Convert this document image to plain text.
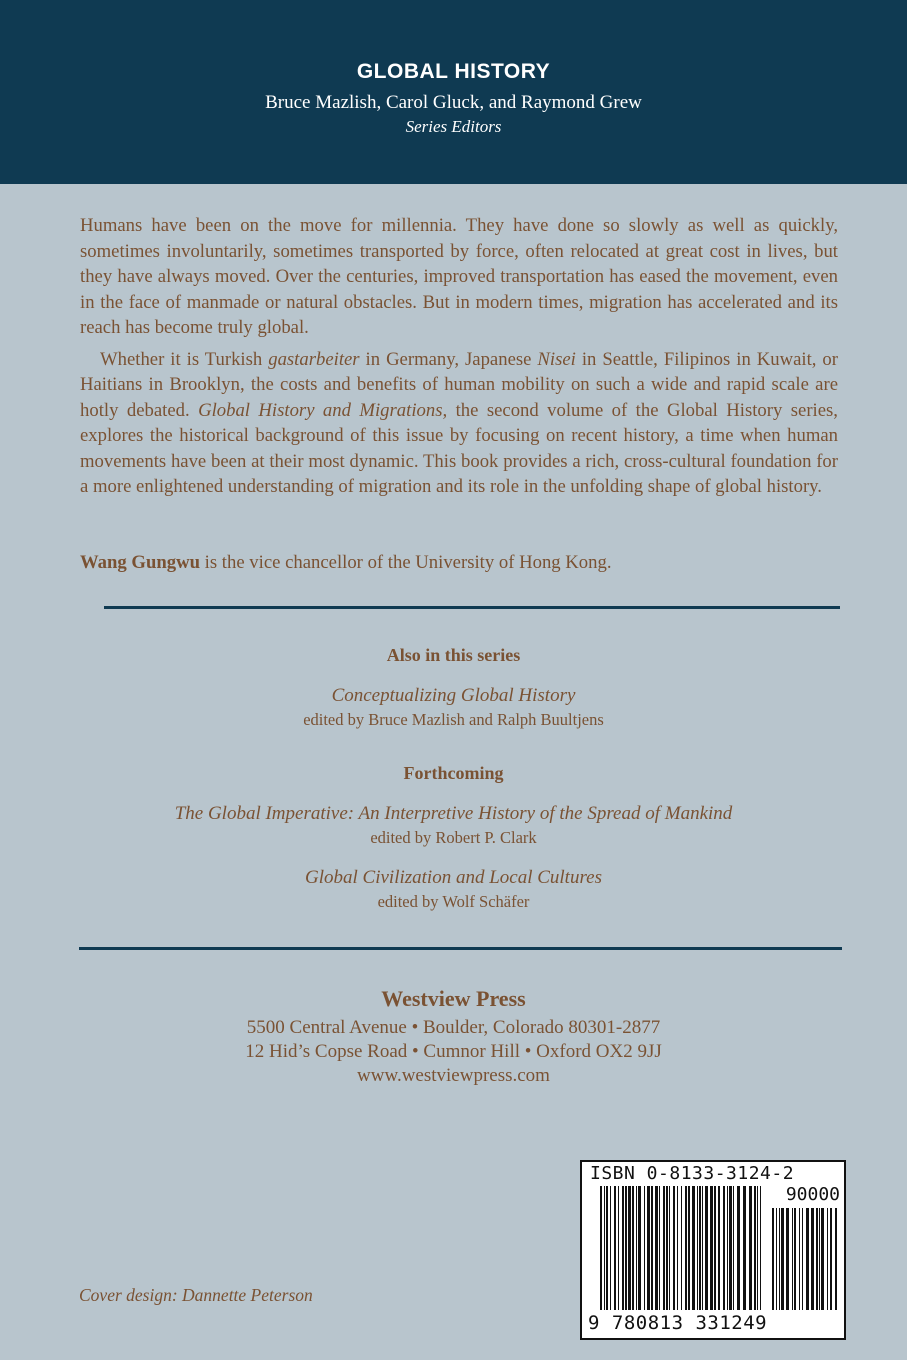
GLOBAL HISTORY
Bruce Mazlish, Carol Gluck, and Raymond Grew
Series Editors

Humans have been on the move for millennia. They have done so slowly as well as quickly, sometimes involuntarily, sometimes transported by force, often relocated at great cost in lives, but they have always moved. Over the centuries, improved transportation has eased the movement, even in the face of manmade or natural obstacles. But in modern times, migration has accelerated and its reach has become truly global.

Whether it is Turkish gastarbeiter in Germany, Japanese Nisei in Seattle, Filipinos in Kuwait, or Haitians in Brooklyn, the costs and benefits of human mobility on such a wide and rapid scale are hotly debated. Global History and Migrations, the second volume of the Global History series, explores the historical background of this issue by focusing on recent history, a time when human movements have been at their most dynamic. This book provides a rich, cross-cultural foundation for a more enlightened understanding of migration and its role in the unfolding shape of global history.

Wang Gungwu is the vice chancellor of the University of Hong Kong.
Also in this series
Conceptualizing Global History
edited by Bruce Mazlish and Ralph Buultjens
Forthcoming
The Global Imperative: An Interpretive History of the Spread of Mankind
edited by Robert P. Clark
Global Civilization and Local Cultures
edited by Wolf Schäfer
Westview Press
5500 Central Avenue • Boulder, Colorado 80301-2877
12 Hid’s Copse Road • Cumnor Hill • Oxford OX2 9JJ
www.westviewpress.com
Cover design: Dannette Peterson
ISBN 0-8133-3124-2
90000
9 780813 331249
